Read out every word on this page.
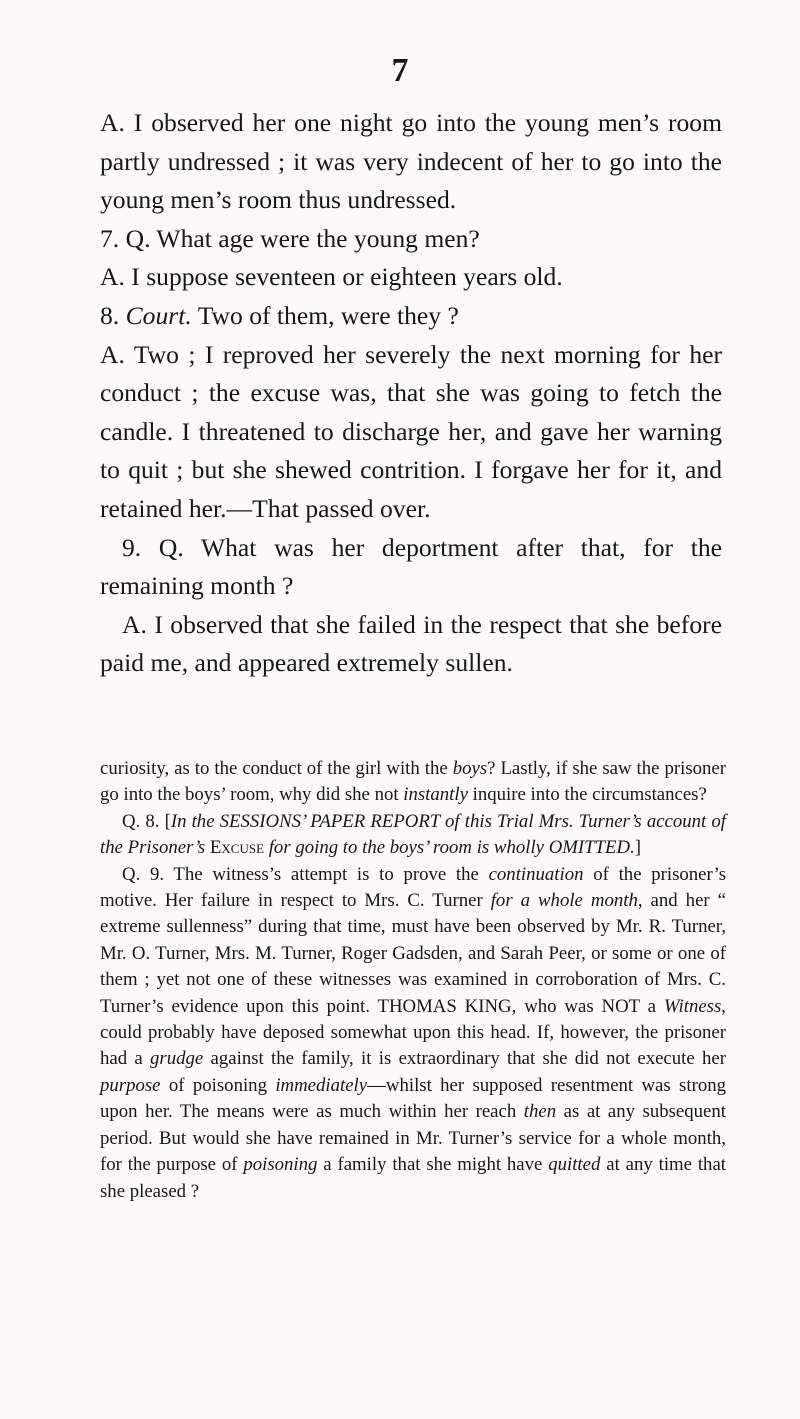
7

A. I observed her one night go into the young men’s room partly undressed ; it was very indecent of her to go into the young men’s room thus undressed.

7. Q. What age were the young men?

A. I suppose seventeen or eighteen years old.

8. Court. Two of them, were they ?

A. Two ; I reproved her severely the next morning for her conduct ; the excuse was, that she was going to fetch the candle. I threatened to discharge her, and gave her warning to quit ; but she shewed contrition. I forgave her for it, and retained her.—That passed over.

9. Q. What was her deportment after that, for the remaining month ?

A. I observed that she failed in the respect that she before paid me, and appeared extremely sullen.

curiosity, as to the conduct of the girl with the boys? Lastly, if she saw the prisoner go into the boys’ room, why did she not instantly inquire into the circumstances?

Q. 8. [In the SESSIONS’ PAPER REPORT of this Trial Mrs. Turner’s account of the Prisoner’s Excuse for going to the boys’ room is wholly OMITTED.]

Q. 9. The witness’s attempt is to prove the continuation of the prisoner’s motive. Her failure in respect to Mrs. C. Turner for a whole month, and her “ extreme sullenness” during that time, must have been observed by Mr. R. Turner, Mr. O. Turner, Mrs. M. Turner, Roger Gadsden, and Sarah Peer, or some or one of them ; yet not one of these witnesses was examined in corroboration of Mrs. C. Turner’s evidence upon this point. THOMAS KING, who was NOT a Witness, could probably have deposed somewhat upon this head. If, however, the prisoner had a grudge against the family, it is extraordinary that she did not execute her purpose of poisoning immediately—whilst her supposed resentment was strong upon her. The means were as much within her reach then as at any subsequent period. But would she have remained in Mr. Turner’s service for a whole month, for the purpose of poisoning a family that she might have quitted at any time that she pleased ?
